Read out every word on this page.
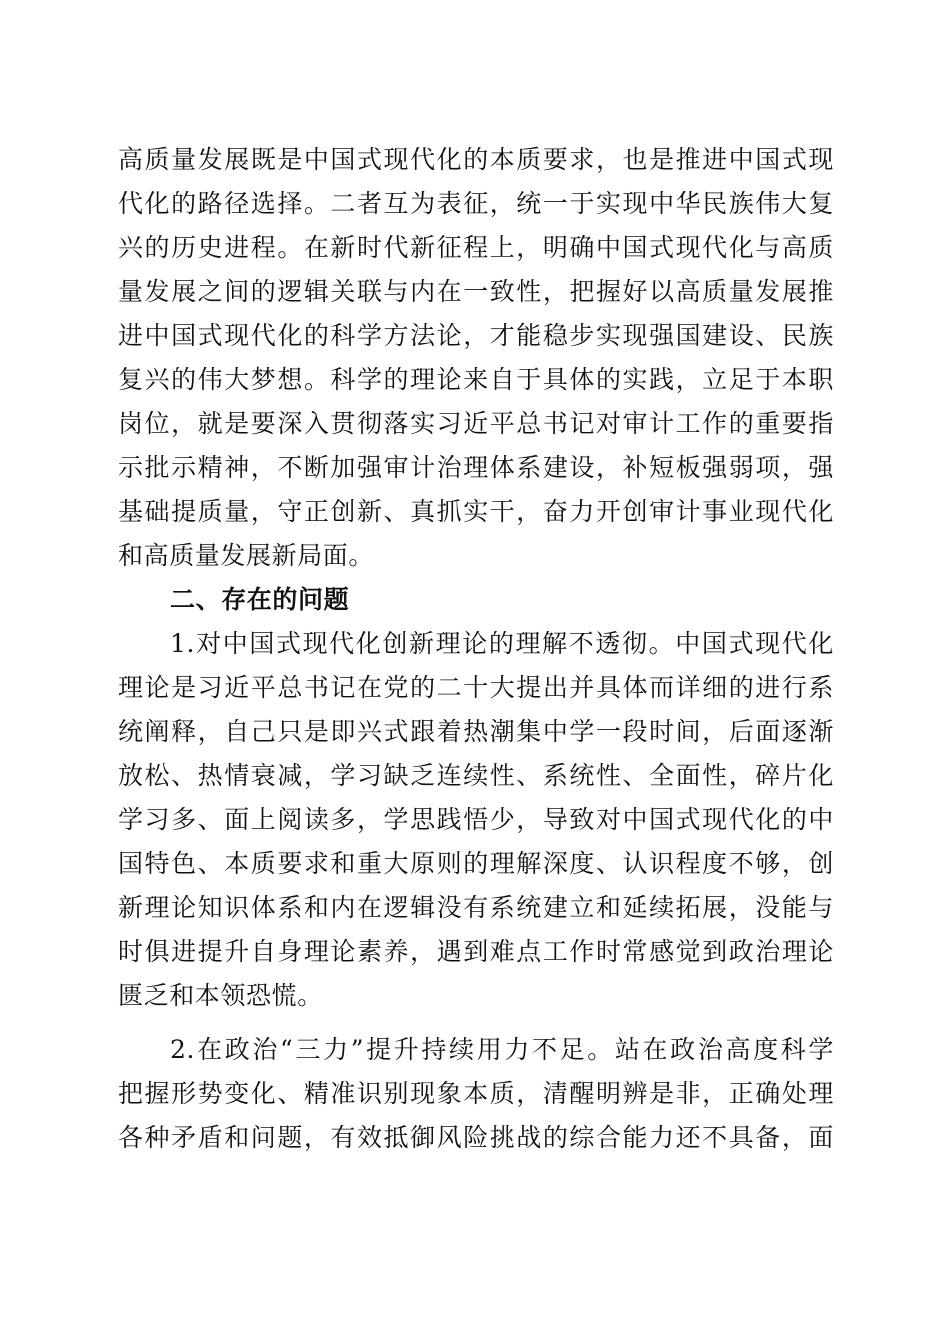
高质量发展既是中国式现代化的本质要求，也是推进中国式现
代化的路径选择。二者互为表征，统一于实现中华民族伟大复
兴的历史进程。在新时代新征程上，明确中国式现代化与高质
量发展之间的逻辑关联与内在一致性，把握好以高质量发展推
进中国式现代化的科学方法论，才能稳步实现强国建设、民族
复兴的伟大梦想。科学的理论来自于具体的实践，立足于本职
岗位，就是要深入贯彻落实习近平总书记对审计工作的重要指
示批示精神，不断加强审计治理体系建设，补短板强弱项，强
基础提质量，守正创新、真抓实干，奋力开创审计事业现代化
和高质量发展新局面。
二、存在的问题
1.对中国式现代化创新理论的理解不透彻。中国式现代化
理论是习近平总书记在党的二十大提出并具体而详细的进行系
统阐释，自己只是即兴式跟着热潮集中学一段时间，后面逐渐
放松、热情衰减，学习缺乏连续性、系统性、全面性，碎片化
学习多、面上阅读多，学思践悟少，导致对中国式现代化的中
国特色、本质要求和重大原则的理解深度、认识程度不够，创
新理论知识体系和内在逻辑没有系统建立和延续拓展，没能与
时俱进提升自身理论素养，遇到难点工作时常感觉到政治理论
匮乏和本领恐慌。
2.在政治“三力”提升持续用力不足。站在政治高度科学
把握形势变化、精准识别现象本质，清醒明辨是非，正确处理
各种矛盾和问题，有效抵御风险挑战的综合能力还不具备，面
